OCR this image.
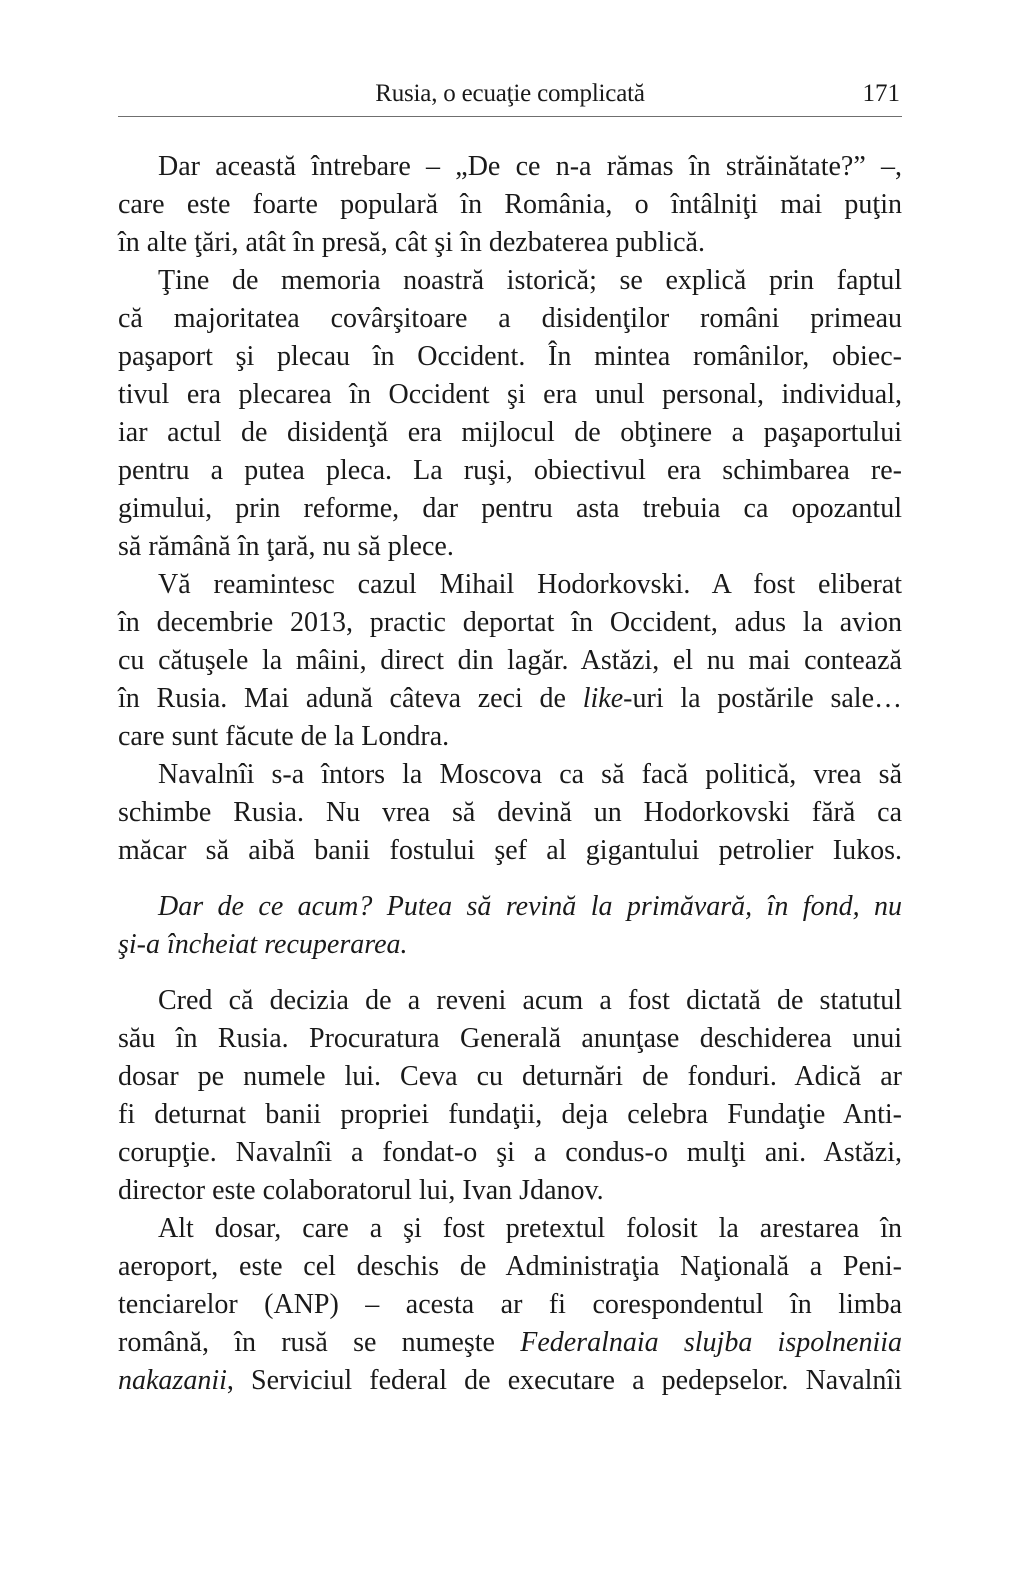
Rusia, o ecuaţie complicată	171
Dar această întrebare – „De ce n-a rămas în străinătate?” –,
care este foarte populară în România, o întâlniţi mai puţin
în alte ţări, atât în presă, cât şi în dezbaterea publică.
Ţine de memoria noastră istorică; se explică prin faptul
că majoritatea covârşitoare a disidenţilor români primeau
paşaport şi plecau în Occident. În mintea românilor, obiec-
tivul era plecarea în Occident şi era unul personal, individual,
iar actul de disidenţă era mijlocul de obţinere a paşaportului
pentru a putea pleca. La ruşi, obiectivul era schimbarea re-
gimului, prin reforme, dar pentru asta trebuia ca opozantul
să rămână în ţară, nu să plece.
Vă reamintesc cazul Mihail Hodorkovski. A fost eliberat
în decembrie 2013, practic deportat în Occident, adus la avion
cu cătuşele la mâini, direct din lagăr. Astăzi, el nu mai contează
în Rusia. Mai adună câteva zeci de like-uri la postările sale…
care sunt făcute de la Londra.
Navalnîi s-a întors la Moscova ca să facă politică, vrea să
schimbe Rusia. Nu vrea să devină un Hodorkovski fără ca
măcar să aibă banii fostului şef al gigantului petrolier Iukos.
Dar de ce acum? Putea să revină la primăvară, în fond, nu
şi-a încheiat recuperarea.
Cred că decizia de a reveni acum a fost dictată de statutul
său în Rusia. Procuratura Generală anunţase deschiderea unui
dosar pe numele lui. Ceva cu deturnări de fonduri. Adică ar
fi deturnat banii propriei fundaţii, deja celebra Fundaţie Anti-
corupţie. Navalnîi a fondat-o şi a condus-o mulţi ani. Astăzi,
director este colaboratorul lui, Ivan Jdanov.
Alt dosar, care a şi fost pretextul folosit la arestarea în
aeroport, este cel deschis de Administraţia Naţională a Peni-
tenciarelor (ANP) – acesta ar fi corespondentul în limba
română, în rusă se numeşte Federalnaia slujba ispolneniia
nakazanii, Serviciul federal de executare a pedepselor. Navalnîi
